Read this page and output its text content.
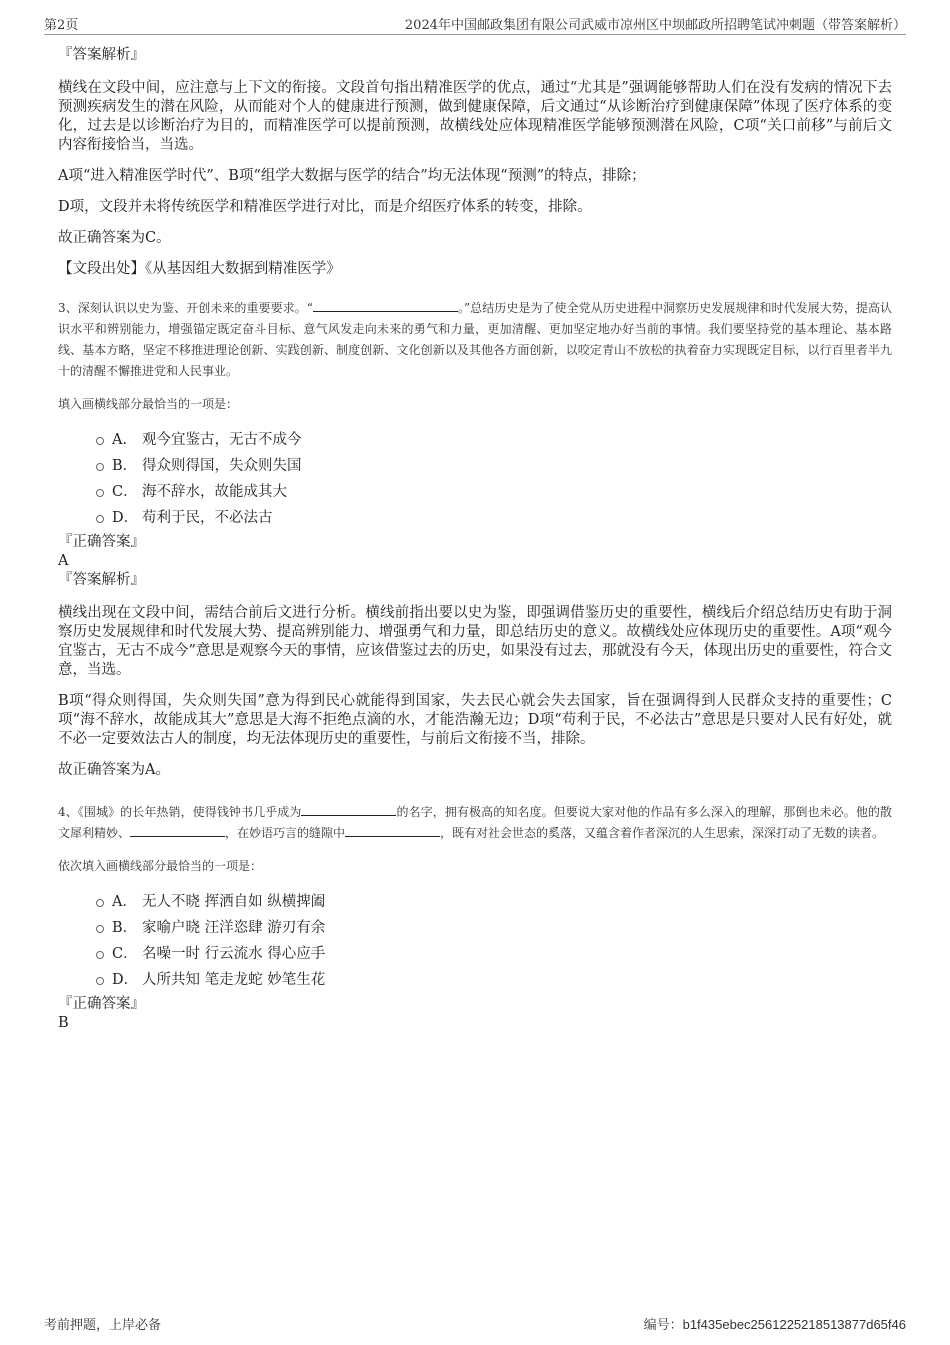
第2页	2024年中国邮政集团有限公司武威市凉州区中坝邮政所招聘笔试冲刺题（带答案解析）

『答案解析』

横线在文段中间，应注意与上下文的衔接。文段首句指出精准医学的优点，通过“尤其是”强调能够帮助人们在没有发病的情况下去预测疾病发生的潜在风险，从而能对个人的健康进行预测，做到健康保障，后文通过“从诊断治疗到健康保障”体现了医疗体系的变化，过去是以诊断治疗为目的，而精准医学可以提前预测，故横线处应体现精准医学能够预测潜在风险，C项“关口前移”与前后文内容衔接恰当，当选。

A项“进入精准医学时代”、B项“组学大数据与医学的结合”均无法体现“预测”的特点，排除；

D项，文段并未将传统医学和精准医学进行对比，而是介绍医疗体系的转变，排除。

故正确答案为C。

【文段出处】《从基因组大数据到精准医学》

3、深刻认识以史为鉴、开创未来的重要要求。“	。”总结历史是为了使全党从历史进程中洞察历史发展规律和时代发展大势，提高认识水平和辨别能力，增强锚定既定奋斗目标、意气风发走向未来的勇气和力量，更加清醒、更加坚定地办好当前的事情。我们要坚持党的基本理论、基本路线、基本方略，坚定不移推进理论创新、实践创新、制度创新、文化创新以及其他各方面创新，以咬定青山不放松的执着奋力实现既定目标，以行百里者半九十的清醒不懈推进党和人民事业。

填入画横线部分最恰当的一项是：

A． 观今宜鉴古，无古不成今
B． 得众则得国，失众则失国
C． 海不辞水，故能成其大
D． 苟利于民，不必法古

『正确答案』

A

『答案解析』

横线出现在文段中间，需结合前后文进行分析。横线前指出要以史为鉴，即强调借鉴历史的重要性，横线后介绍总结历史有助于洞察历史发展规律和时代发展大势、提高辨别能力、增强勇气和力量，即总结历史的意义。故横线处应体现历史的重要性。A项“观今宜鉴古，无古不成今”意思是观察今天的事情，应该借鉴过去的历史，如果没有过去，那就没有今天，体现出历史的重要性，符合文意，当选。

B项“得众则得国，失众则失国”意为得到民心就能得到国家，失去民心就会失去国家，旨在强调得到人民群众支持的重要性；C项“海不辞水，故能成其大”意思是大海不拒绝点滴的水，才能浩瀚无边；D项“苟利于民，不必法古”意思是只要对人民有好处，就不必一定要效法古人的制度，均无法体现历史的重要性，与前后文衔接不当，排除。

故正确答案为A。

4、《围城》的长年热销，使得钱钟书几乎成为	的名字，拥有极高的知名度。但要说大家对他的作品有多么深入的理解，那倒也未必。他的散文犀利精妙、	，在妙语巧言的缝隙中	，既有对社会世态的奚落，又蕴含着作者深沉的人生思索，深深打动了无数的读者。

依次填入画横线部分最恰当的一项是：

A． 无人不晓 挥洒自如 纵横捭阖
B． 家喻户晓 汪洋恣肆 游刃有余
C． 名噪一时 行云流水 得心应手
D． 人所共知 笔走龙蛇 妙笔生花

『正确答案』

B

考前押题，上岸必备	编号：b1f435ebec2561225218513877d65f46
